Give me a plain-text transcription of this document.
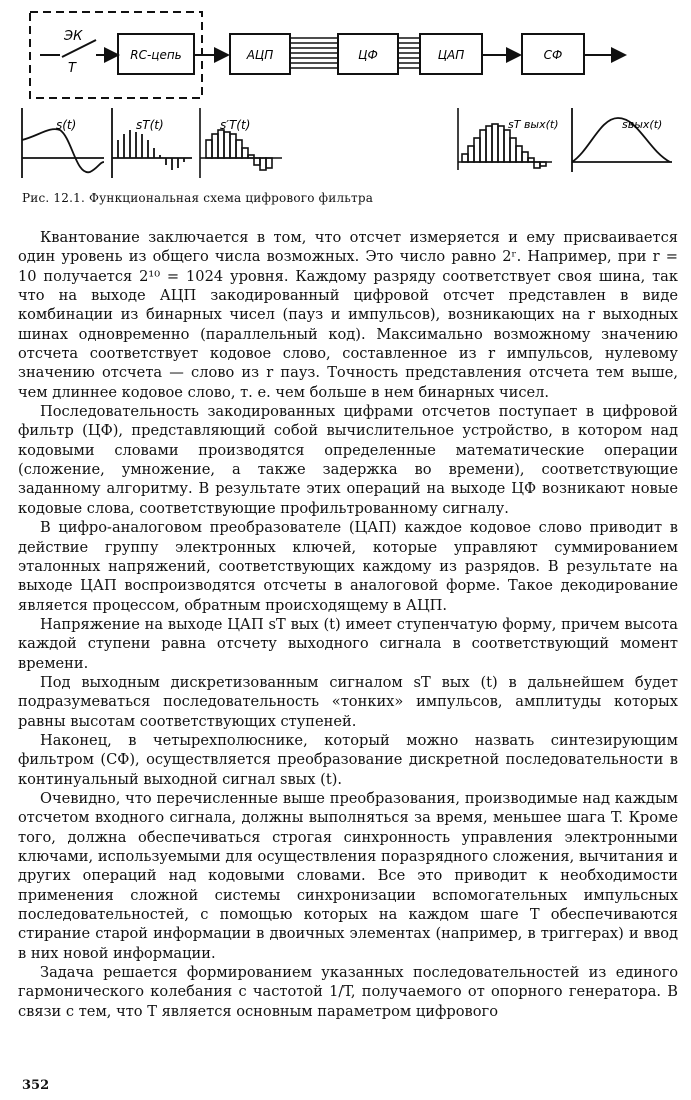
ЭК
T
RC-цепь	АЦП	ЦФ	ЦАП	СФ
s(t)	sT(t)	s′T(t)	sT вых(t)	sвых(t)
Рис. 12.1. Функциональная схема цифрового фильтра

Квантование заключается в том, что отсчет измеряется и ему присваивается один уровень из общего числа возможных. Это число равно 2ʳ. Например, при r = 10 получается 2¹⁰ = 1024 уровня. Каждому разряду соответствует своя шина, так что на выходе АЦП закодированный цифровой отсчет представлен в виде комбинации из бинарных чисел (пауз и импульсов), возникающих на r выходных шинах одновременно (параллельный код). Максимально возможному значению отсчета соответствует кодовое слово, составленное из r импульсов, нулевому значению отсчета — слово из r пауз. Точность представления отсчета тем выше, чем длиннее кодовое слово, т. е. чем больше в нем бинарных чисел.

Последовательность закодированных цифрами отсчетов поступает в цифровой фильтр (ЦФ), представляющий собой вычислительное устройство, в котором над кодовыми словами производятся определенные математические операции (сложение, умножение, а также задержка во времени), соответствующие заданному алгоритму. В результате этих операций на выходе ЦФ возникают новые кодовые слова, соответствующие профильтрованному сигналу.

В цифро-аналоговом преобразователе (ЦАП) каждое кодовое слово приводит в действие группу электронных ключей, которые управляют суммированием эталонных напряжений, соответствующих каждому из разрядов. В результате на выходе ЦАП воспроизводятся отсчеты в аналоговой форме. Такое декодирование является процессом, обратным происходящему в АЦП.

Напряжение на выходе ЦАП sT вых (t) имеет ступенчатую форму, причем высота каждой ступени равна отсчету выходного сигнала в соответствующий момент времени.

Под выходным дискретизованным сигналом sT вых (t) в дальнейшем будет подразумеваться последовательность «тонких» импульсов, амплитуды которых равны высотам соответствующих ступеней.

Наконец, в четырехполюснике, который можно назвать синтезирующим фильтром (СФ), осуществляется преобразование дискретной последовательности в континуальный выходной сигнал sвых (t).

Очевидно, что перечисленные выше преобразования, производимые над каждым отсчетом входного сигнала, должны выполняться за время, меньшее шага T. Кроме того, должна обеспечиваться строгая синхронность управления электронными ключами, используемыми для осуществления поразрядного сложения, вычитания и других операций над кодовыми словами. Все это приводит к необходимости применения сложной системы синхронизации вспомогательных импульсных последовательностей, с помощью которых на каждом шаге T обеспечиваются стирание старой информации в двоичных элементах (например, в триггерах) и ввод в них новой информации.

Задача решается формированием указанных последовательностей из единого гармонического колебания с частотой 1/T, получаемого от опорного генератора. В связи с тем, что T является основным параметром цифрового

352
